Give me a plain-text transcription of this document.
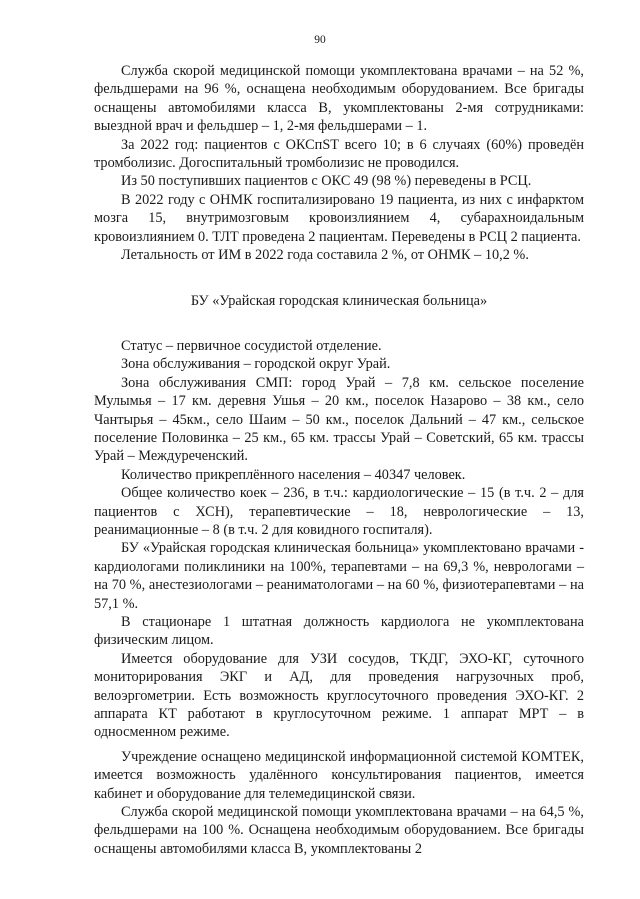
90

Служба скорой медицинской помощи укомплектована врачами – на 52 %, фельдшерами на 96 %, оснащена необходимым оборудованием. Все бригады оснащены автомобилями класса В, укомплектованы 2-мя сотрудниками: выездной врач и фельдшер – 1, 2-мя фельдшерами – 1.

За 2022 год: пациентов с ОКСпST всего 10; в 6 случаях (60%) проведён тромболизис. Догоспитальный тромболизис не проводился.

Из 50 поступивших пациентов с ОКС 49 (98 %) переведены в РСЦ.

В 2022 году с ОНМК госпитализировано 19 пациента, из них с инфарктом мозга 15, внутримозговым кровоизлиянием 4, субарахноидальным кровоизлиянием 0. ТЛТ проведена 2 пациентам. Переведены в РСЦ 2 пациента.

Летальность от ИМ в 2022 года составила 2 %, от ОНМК – 10,2 %.

БУ «Урайская городская клиническая больница»

Статус – первичное сосудистой отделение.

Зона обслуживания – городской округ Урай.

Зона обслуживания СМП: город Урай – 7,8 км. сельское поселение Мулымья – 17 км. деревня Ушья – 20 км., поселок Назарово – 38 км., село Чантырья – 45км., село Шаим – 50 км., поселок Дальний – 47 км., сельское поселение Половинка – 25 км., 65 км. трассы Урай – Советский, 65 км. трассы Урай – Междуреченский.

Количество прикреплённого населения – 40347 человек.

Общее количество коек – 236, в т.ч.: кардиологические – 15 (в т.ч. 2 – для пациентов с ХСН), терапевтические – 18, неврологические – 13, реанимационные – 8 (в т.ч. 2 для ковидного госпиталя).

БУ «Урайская городская клиническая больница» укомплектовано врачами - кардиологами поликлиники на 100%, терапевтами – на 69,3 %, неврологами – на 70 %, анестезиологами – реаниматологами – на 60 %, физиотерапевтами – на 57,1 %.

В стационаре 1 штатная должность кардиолога не укомплектована физическим лицом.

Имеется оборудование для УЗИ сосудов, ТКДГ, ЭХО-КГ, суточного мониторирования ЭКГ и АД, для проведения нагрузочных проб, велоэргометрии. Есть возможность круглосуточного проведения ЭХО-КГ. 2 аппарата КТ работают в круглосуточном режиме. 1 аппарат МРТ – в односменном режиме.

Учреждение оснащено медицинской информационной системой КОМТЕК, имеется возможность удалённого консультирования пациентов, имеется кабинет и оборудование для телемедицинской связи.

Служба скорой медицинской помощи укомплектована врачами – на 64,5 %, фельдшерами на 100 %. Оснащена необходимым оборудованием. Все бригады оснащены автомобилями класса В, укомплектованы 2
